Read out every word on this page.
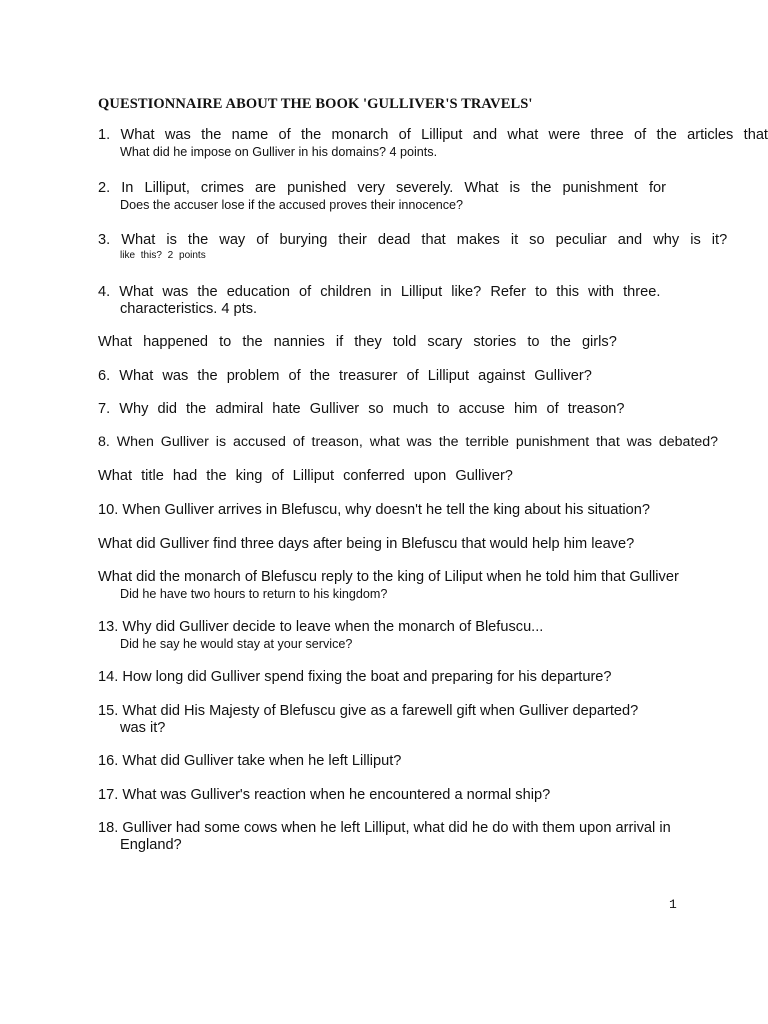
QUESTIONNAIRE ABOUT THE BOOK 'GULLIVER'S TRAVELS'
1. What was the name of the monarch of Lilliput and what were three of the articles that
What did he impose on Gulliver in his domains? 4 points.
2. In Lilliput, crimes are punished very severely. What is the punishment for
Does the accuser lose if the accused proves their innocence?
3. What is the way of burying their dead that makes it so peculiar and why is it?
like this? 2 points
4. What was the education of children in Lilliput like? Refer to this with three.
characteristics. 4 pts.
What happened to the nannies if they told scary stories to the girls?
6. What was the problem of the treasurer of Lilliput against Gulliver?
7. Why did the admiral hate Gulliver so much to accuse him of treason?
8. When Gulliver is accused of treason, what was the terrible punishment that was debated?
What title had the king of Lilliput conferred upon Gulliver?
10. When Gulliver arrives in Blefuscu, why doesn't he tell the king about his situation?
What did Gulliver find three days after being in Blefuscu that would help him leave?
What did the monarch of Blefuscu reply to the king of Liliput when he told him that Gulliver
Did he have two hours to return to his kingdom?
13. Why did Gulliver decide to leave when the monarch of Blefuscu...
Did he say he would stay at your service?
14. How long did Gulliver spend fixing the boat and preparing for his departure?
15. What did His Majesty of Blefuscu give as a farewell gift when Gulliver departed?
was it?
16. What did Gulliver take when he left Lilliput?
17. What was Gulliver's reaction when he encountered a normal ship?
18. Gulliver had some cows when he left Lilliput, what did he do with them upon arrival in
England?
1
